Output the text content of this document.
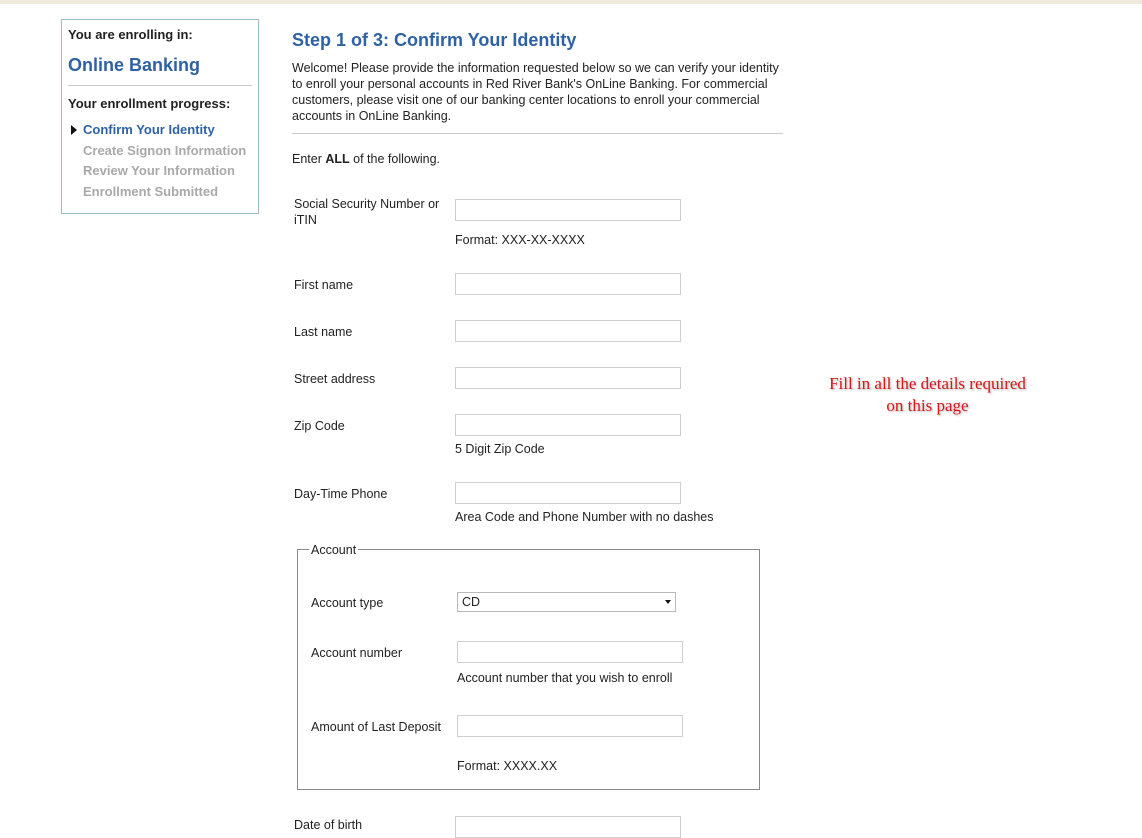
You are enrolling in:
Online Banking
Your enrollment progress:
Confirm Your Identity
Create Signon Information
Review Your Information
Enrollment Submitted
Step 1 of 3: Confirm Your Identity
Welcome! Please provide the information requested below so we can verify your identity to enroll your personal accounts in Red River Bank's OnLine Banking. For commercial customers, please visit one of our banking center locations to enroll your commercial accounts in OnLine Banking.
Enter ALL of the following.
Social Security Number or iTIN
Format: XXX-XX-XXXX
First name
Last name
Street address
Zip Code
5 Digit Zip Code
Day-Time Phone
Area Code and Phone Number with no dashes
Account
Account type	CD
Account number
Account number that you wish to enroll
Amount of Last Deposit
Format: XXXX.XX
Date of birth
Fill in all the details required
on this page
